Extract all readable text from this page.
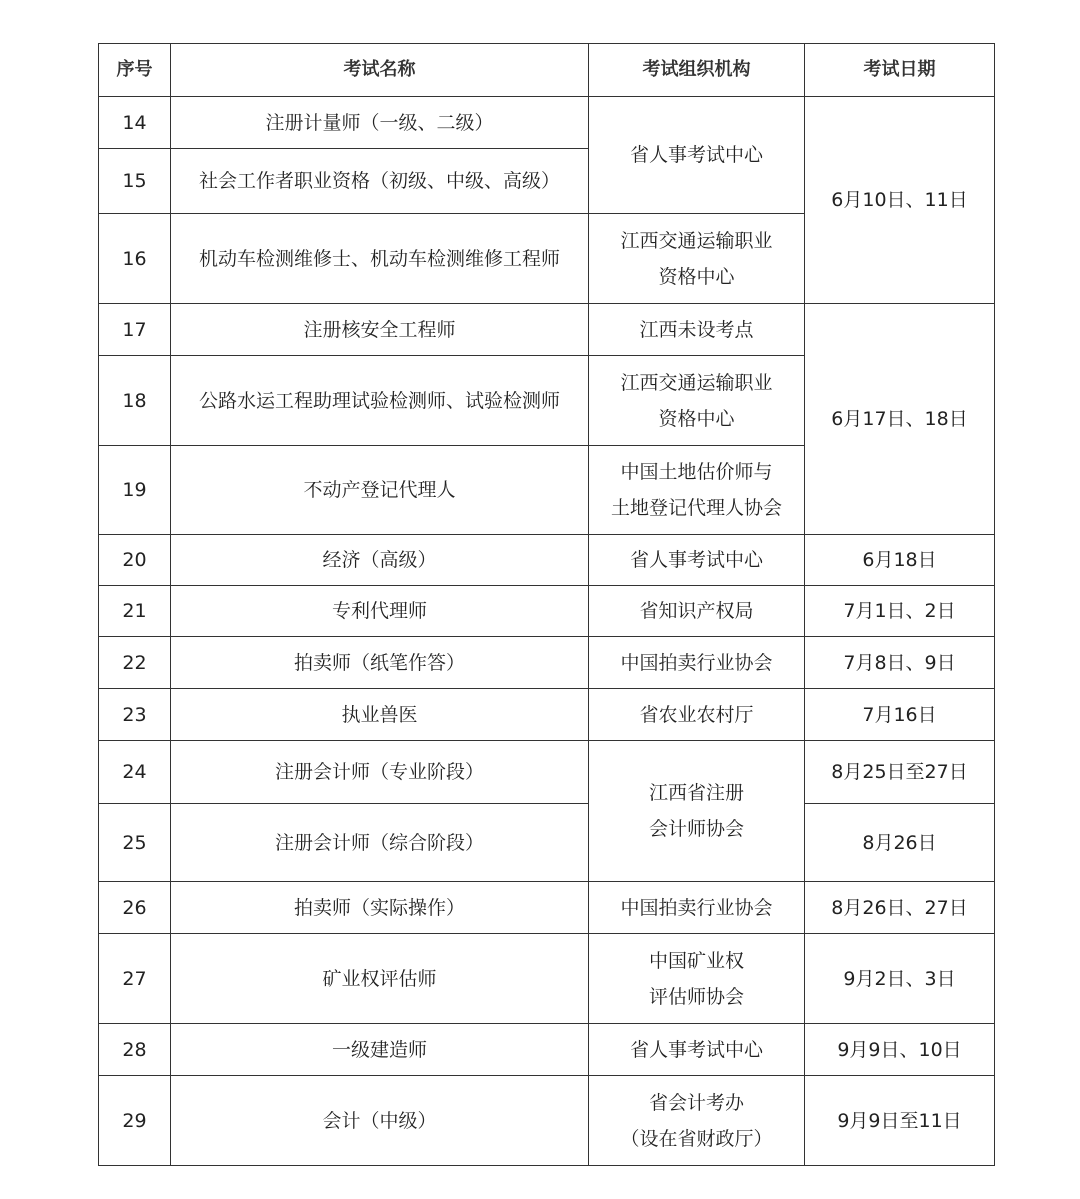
序号	考试名称	考试组织机构	考试日期
14	注册计量师（一级、二级）	省人事考试中心	6月10日、11日
15	社会工作者职业资格（初级、中级、高级）		
16	机动车检测维修士、机动车检测维修工程师	江西交通运输职业
资格中心	
17	注册核安全工程师	江西未设考点	6月17日、18日
18	公路水运工程助理试验检测师、试验检测师	江西交通运输职业
资格中心	
19	不动产登记代理人	中国土地估价师与
土地登记代理人协会	
20	经济（高级）	省人事考试中心	6月18日
21	专利代理师	省知识产权局	7月1日、2日
22	拍卖师（纸笔作答）	中国拍卖行业协会	7月8日、9日
23	执业兽医	省农业农村厅	7月16日
24	注册会计师（专业阶段）	江西省注册
会计师协会	8月25日至27日
25	注册会计师（综合阶段）		8月26日
26	拍卖师（实际操作）	中国拍卖行业协会	8月26日、27日
27	矿业权评估师	中国矿业权
评估师协会	9月2日、3日
28	一级建造师	省人事考试中心	9月9日、10日
29	会计（中级）	省会计考办
（设在省财政厅）	9月9日至11日
